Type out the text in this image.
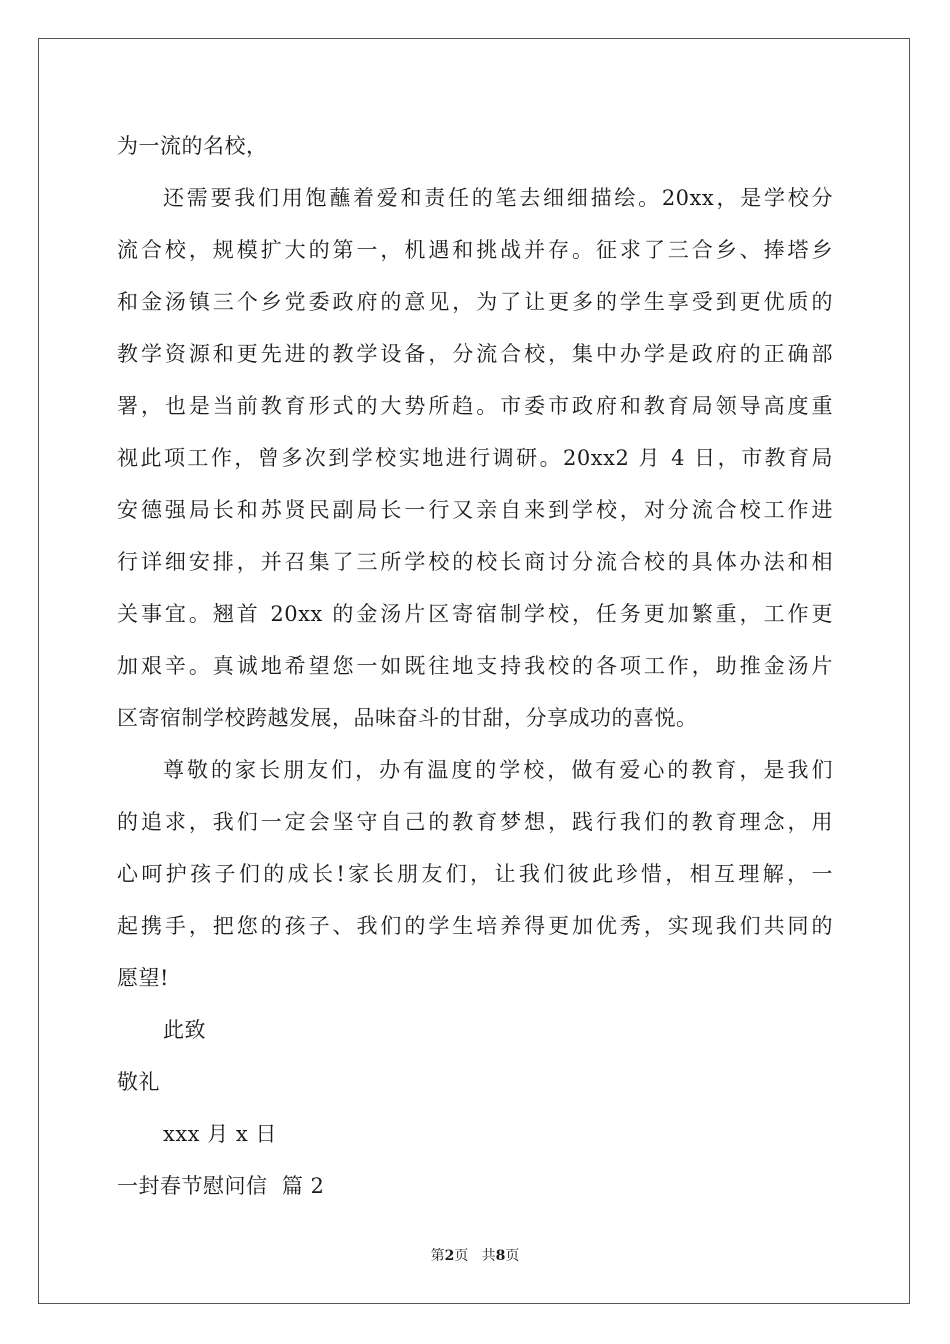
为一流的名校，
还需要我们用饱蘸着爱和责任的笔去细细描绘。20xx，是学校分
流合校，规模扩大的第一，机遇和挑战并存。征求了三合乡、捧塔乡
和金汤镇三个乡党委政府的意见，为了让更多的学生享受到更优质的
教学资源和更先进的教学设备，分流合校，集中办学是政府的正确部
署，也是当前教育形式的大势所趋。市委市政府和教育局领导高度重
视此项工作，曾多次到学校实地进行调研。20xx2 月 4 日，市教育局
安德强局长和苏贤民副局长一行又亲自来到学校，对分流合校工作进
行详细安排，并召集了三所学校的校长商讨分流合校的具体办法和相
关事宜。翘首 20xx 的金汤片区寄宿制学校，任务更加繁重，工作更
加艰辛。真诚地希望您一如既往地支持我校的各项工作，助推金汤片
区寄宿制学校跨越发展，品味奋斗的甘甜，分享成功的喜悦。
尊敬的家长朋友们，办有温度的学校，做有爱心的教育，是我们
的追求，我们一定会坚守自己的教育梦想，践行我们的教育理念，用
心呵护孩子们的成长!家长朋友们，让我们彼此珍惜，相互理解，一
起携手，把您的孩子、我们的学生培养得更加优秀，实现我们共同的
愿望!
此致
敬礼
xxx 月 x 日
一封春节慰问信  篇 2
第2页   共8页
